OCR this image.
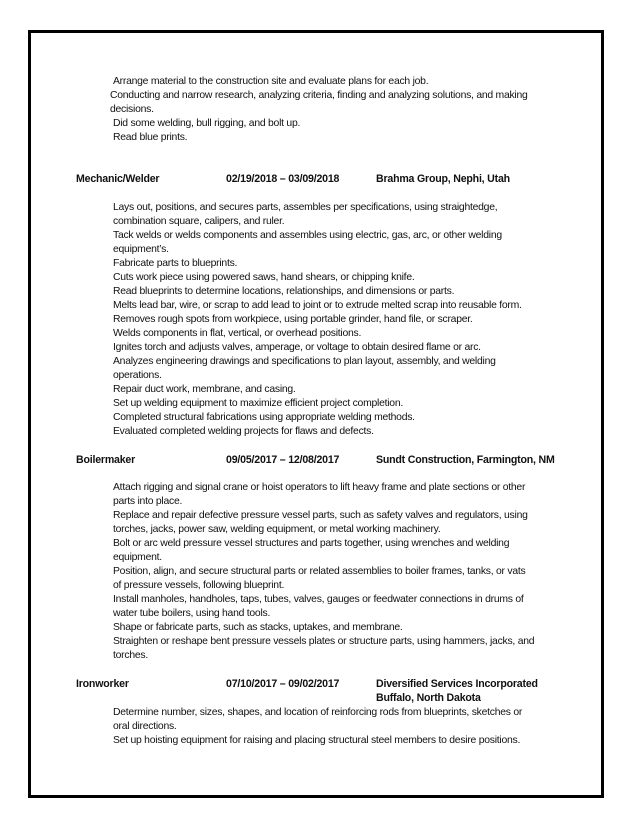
Arrange material to the construction site and evaluate plans for each job.
Conducting and narrow research, analyzing criteria, finding and analyzing solutions, and making
decisions.
Did some welding, bull rigging, and bolt up.
Read blue prints.
Mechanic/Welder	02/19/2018 – 03/09/2018	Brahma Group, Nephi, Utah
Lays out, positions, and secures parts, assembles per specifications, using straightedge,
combination square, calipers, and ruler.
Tack welds or welds components and assembles using electric, gas, arc, or other welding
equipment’s.
Fabricate parts to blueprints.
Cuts work piece using powered saws, hand shears, or chipping knife.
Read blueprints to determine locations, relationships, and dimensions or parts.
Melts lead bar, wire, or scrap to add lead to joint or to extrude melted scrap into reusable form.
Removes rough spots from workpiece, using portable grinder, hand file, or scraper.
Welds components in flat, vertical, or overhead positions.
Ignites torch and adjusts valves, amperage, or voltage to obtain desired flame or arc.
Analyzes engineering drawings and specifications to plan layout, assembly, and welding
operations.
Repair duct work, membrane, and casing.
Set up welding equipment to maximize efficient project completion.
Completed structural fabrications using appropriate welding methods.
Evaluated completed welding projects for flaws and defects.
Boilermaker	09/05/2017 – 12/08/2017	Sundt Construction, Farmington, NM
Attach rigging and signal crane or hoist operators to lift heavy frame and plate sections or other
parts into place.
Replace and repair defective pressure vessel parts, such as safety valves and regulators, using
torches, jacks, power saw, welding equipment, or metal working machinery.
Bolt or arc weld pressure vessel structures and parts together, using wrenches and welding
equipment.
Position, align, and secure structural parts or related assemblies to boiler frames, tanks, or vats
of pressure vessels, following blueprint.
Install manholes, handholes, taps, tubes, valves, gauges or feedwater connections in drums of
water tube boilers, using hand tools.
Shape or fabricate parts, such as stacks, uptakes, and membrane.
Straighten or reshape bent pressure vessels plates or structure parts, using hammers, jacks, and
torches.
Ironworker	07/10/2017 – 09/02/2017	Diversified Services Incorporated
Buffalo, North Dakota
Determine number, sizes, shapes, and location of reinforcing rods from blueprints, sketches or
oral directions.
Set up hoisting equipment for raising and placing structural steel members to desire positions.
